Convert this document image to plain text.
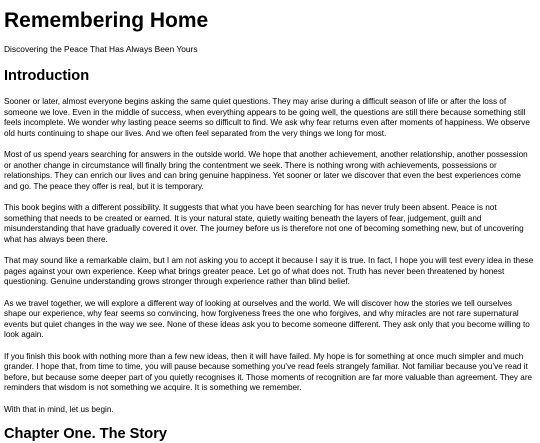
Remembering Home
Discovering the Peace That Has Always Been Yours
Introduction

Sooner or later, almost everyone begins asking the same quiet questions. They may arise during a difficult season of life or after the loss of someone we love. Even in the middle of success, when everything appears to be going well, the questions are still there because something still feels incomplete. We wonder why lasting peace seems so difficult to find. We ask why fear returns even after moments of happiness. We observe old hurts continuing to shape our lives. And we often feel separated from the very things we long for most.

Most of us spend years searching for answers in the outside world. We hope that another achievement, another relationship, another possession or another change in circumstance will finally bring the contentment we seek. There is nothing wrong with achievements, possessions or relationships. They can enrich our lives and can bring genuine happiness. Yet sooner or later we discover that even the best experiences come and go. The peace they offer is real, but it is temporary.

This book begins with a different possibility. It suggests that what you have been searching for has never truly been absent. Peace is not something that needs to be created or earned. It is your natural state, quietly waiting beneath the layers of fear, judgement, guilt and misunderstanding that have gradually covered it over. The journey before us is therefore not one of becoming something new, but of uncovering what has always been there.

That may sound like a remarkable claim, but I am not asking you to accept it because I say it is true. In fact, I hope you will test every idea in these pages against your own experience. Keep what brings greater peace. Let go of what does not. Truth has never been threatened by honest questioning. Genuine understanding grows stronger through experience rather than blind belief.

As we travel together, we will explore a different way of looking at ourselves and the world. We will discover how the stories we tell ourselves shape our experience, why fear seems so convincing, how forgiveness frees the one who forgives, and why miracles are not rare supernatural events but quiet changes in the way we see. None of these ideas ask you to become someone different. They ask only that you become willing to look again.

If you finish this book with nothing more than a few new ideas, then it will have failed. My hope is for something at once much simpler and much grander. I hope that, from time to time, you will pause because something you’ve read feels strangely familiar. Not familiar because you’ve read it before, but because some deeper part of you quietly recognises it. Those moments of recognition are far more valuable than agreement. They are reminders that wisdom is not something we acquire. It is something we remember.

With that in mind, let us begin.

Chapter One. The Story
